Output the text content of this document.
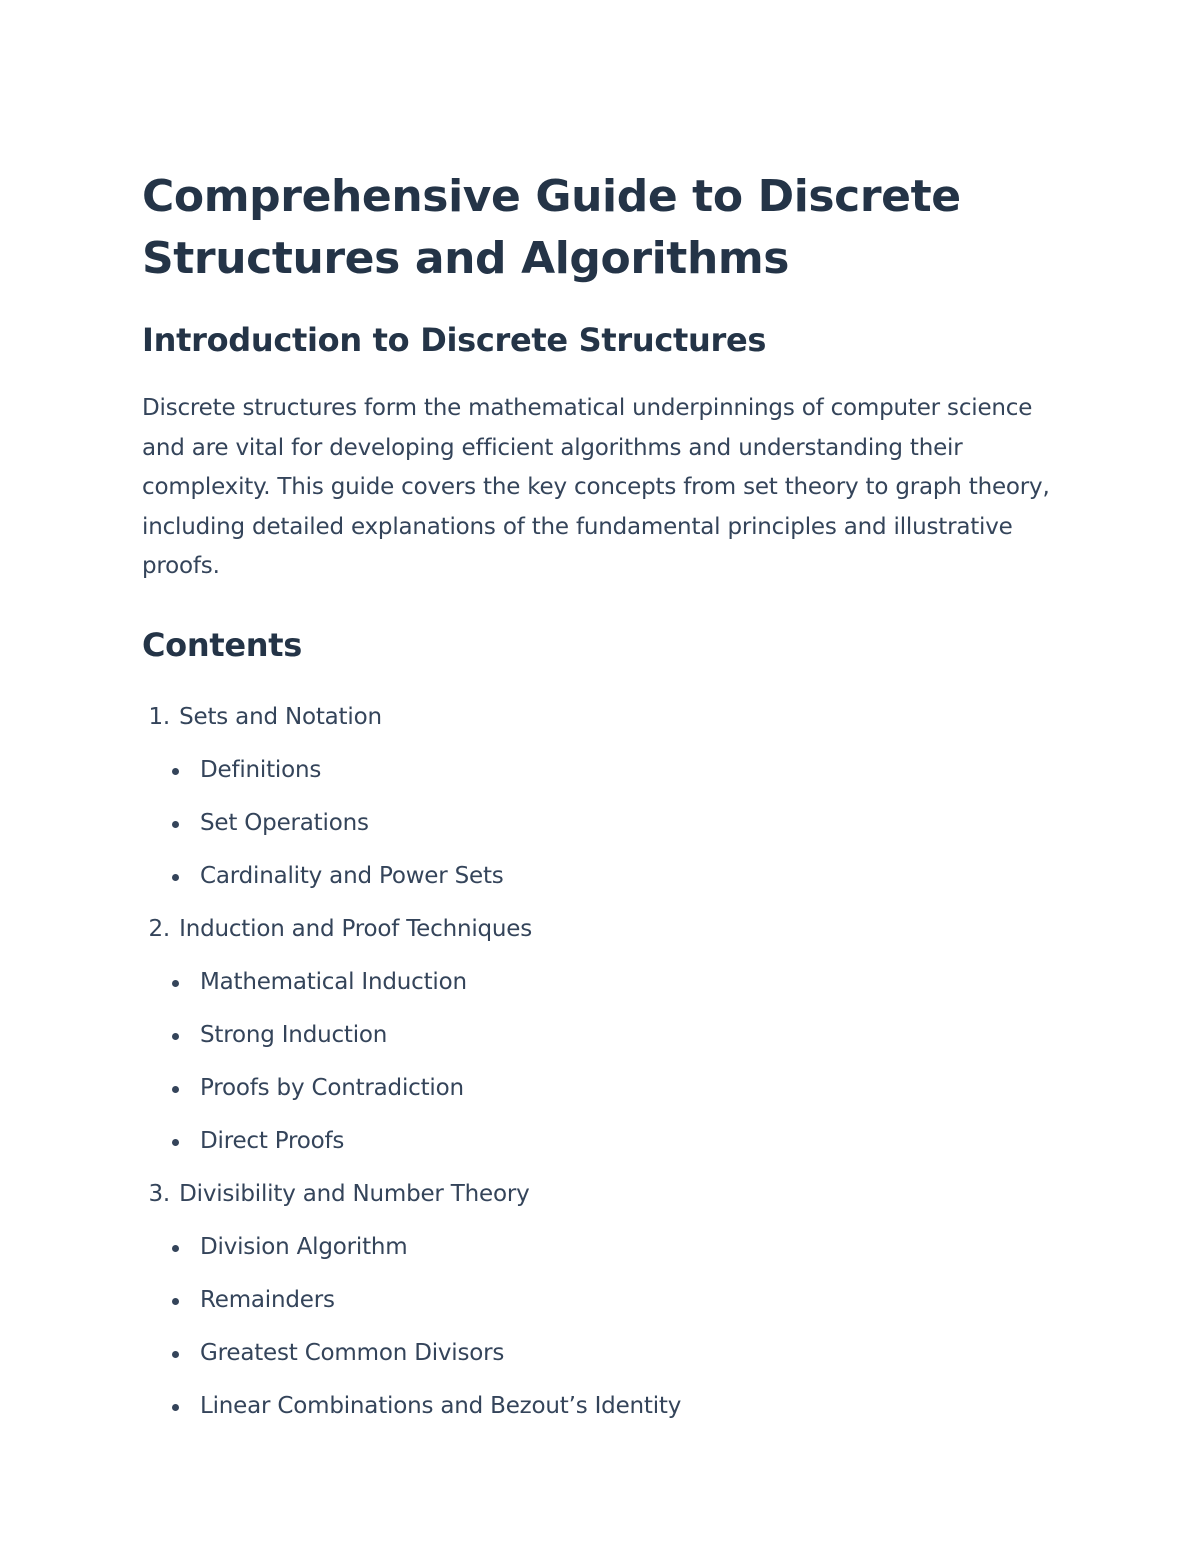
Comprehensive Guide to Discrete Structures and Algorithms
Introduction to Discrete Structures

Discrete structures form the mathematical underpinnings of computer science and are vital for developing efficient algorithms and understanding their complexity. This guide covers the key concepts from set theory to graph theory, including detailed explanations of the fundamental principles and illustrative proofs.

Contents
1. Sets and Notation
Definitions
Set Operations
Cardinality and Power Sets
2. Induction and Proof Techniques
Mathematical Induction
Strong Induction
Proofs by Contradiction
Direct Proofs
3. Divisibility and Number Theory
Division Algorithm
Remainders
Greatest Common Divisors
Linear Combinations and Bezout’s Identity
